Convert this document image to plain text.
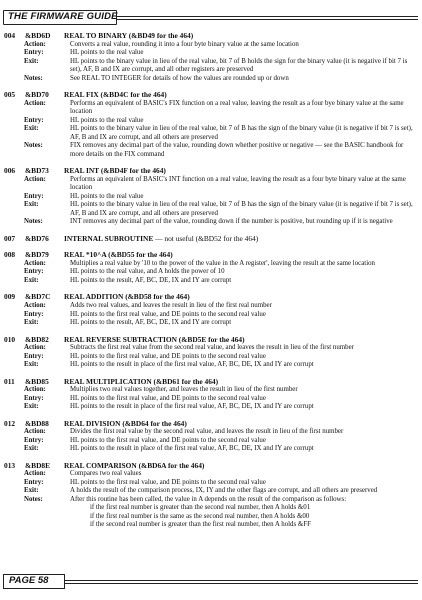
THE FIRMWARE GUIDE
004 &BD6D REAL TO BINARY (&BD49 for the 464)
Action:	Converts a real value, rounding it into a four byte binary value at the same location
Entry:	HL points to the real value
Exit:	HL points to the binary value in lieu of the real value, bit 7 of B holds the sign for the binary value (it is negative if bit 7 is set), AF, B and IX are corrupt, and all other registers are preserved
Notes:	See REAL TO INTEGER for details of how the values are rounded up or down
005 &BD70 REAL FIX (&BD4C for the 464)
Action:	Performs an equivalent of BASIC's FIX function on a real value, leaving the result as a four bye binary value at the same location
Entry:	HL points to the real value
Exit:	HL points to the binary value in lieu of the real value, bit 7 of B has the sign of the binary value (it is negative if bit 7 is set), AF, B and IX are corrupt, and all others are preserved
Notes:	FIX removes any decimal part of the value, rounding down whether positive or negative — see the BASIC handbook for more details on the FIX command
006 &BD73 REAL INT (&BD4F for the 464)
Action:	Performs an equivalent of BASIC's INT function on a real value, leaving the result as a four byte binary value at the same location
Entry:	HL points to the real value
Exit:	HL points to the binary value in lieu of the real value, bit 7 of B has the sign of the binary value (it is negative if bit 7 is set), AF, B and IX are corrupt, and all others are preserved
Notes:	INT removes any decimal part of the value, rounding down if the number is positive, but rounding up if it is negative
007 &BD76 INTERNAL SUBROUTINE — not useful (&BD52 for the 464)
008 &BD79 REAL *10^A (&BD55 for the 464)
Action:	Multiplies a real value by '10 to the power of the value in the A register', leaving the result at the same location
Entry:	HL points to the real value, and A holds the power of 10
Exit:	HL points to the result, AF, BC, DE, IX and IY are corrupt
009 &BD7C REAL ADDITION (&BD58 for the 464)
Action:	Adds two real values, and leaves the result in lieu of the first real number
Entry:	HL points to the first real value, and DE points to the second real value
Exit:	HL points to the result, AF, BC, DE, IX and IY are corrupt
010 &BD82 REAL REVERSE SUBTRACTION (&BD5E for the 464)
Action:	Subtracts the first real value from the second real value, and leaves the result in lieu of the first number
Entry:	HL points to the first real value, and DE points to the second real value
Exit:	HL points to the result in place of the first real value, AF, BC, DE, IX and IY are corrupt
011 &BD85 REAL MULTIPLICATION (&BD61 for the 464)
Action:	Multiplies two real values together, and leaves the result in lieu of the first number
Entry:	HL points to the first real value, and DE points to the second real value
Exit:	HL points to the result in place of the first real value, AF, BC, DE, IX and IY are corrupt
012 &BD88 REAL DIVISION (&BD64 for the 464)
Action:	Divides the first real value by the second real value, and leaves the result in lieu of the first number
Entry:	HL points to the first real value, and DE points to the second real value
Exit:	HL points to the result in place of the first real value, AF, BC, DE, IX and IY are corrupt
013 &BD8E REAL COMPARISON (&BD6A for the 464)
Action:	Compares two real values
Entry:	HL points to the first real value, and DE points to the second real value
Exit:	A holds the result of the comparison process, IX, IY and the other flags are corrupt, and all others are preserved
Notes:	After this routine has been called, the value in A depends on the result of the comparison as follows:
if the first real number is greater than the second real number, then A holds &01
if the first real number is the same as the second real number, then A holds &00
if the second real number is greater than the first real number, then A holds &FF
PAGE 58
